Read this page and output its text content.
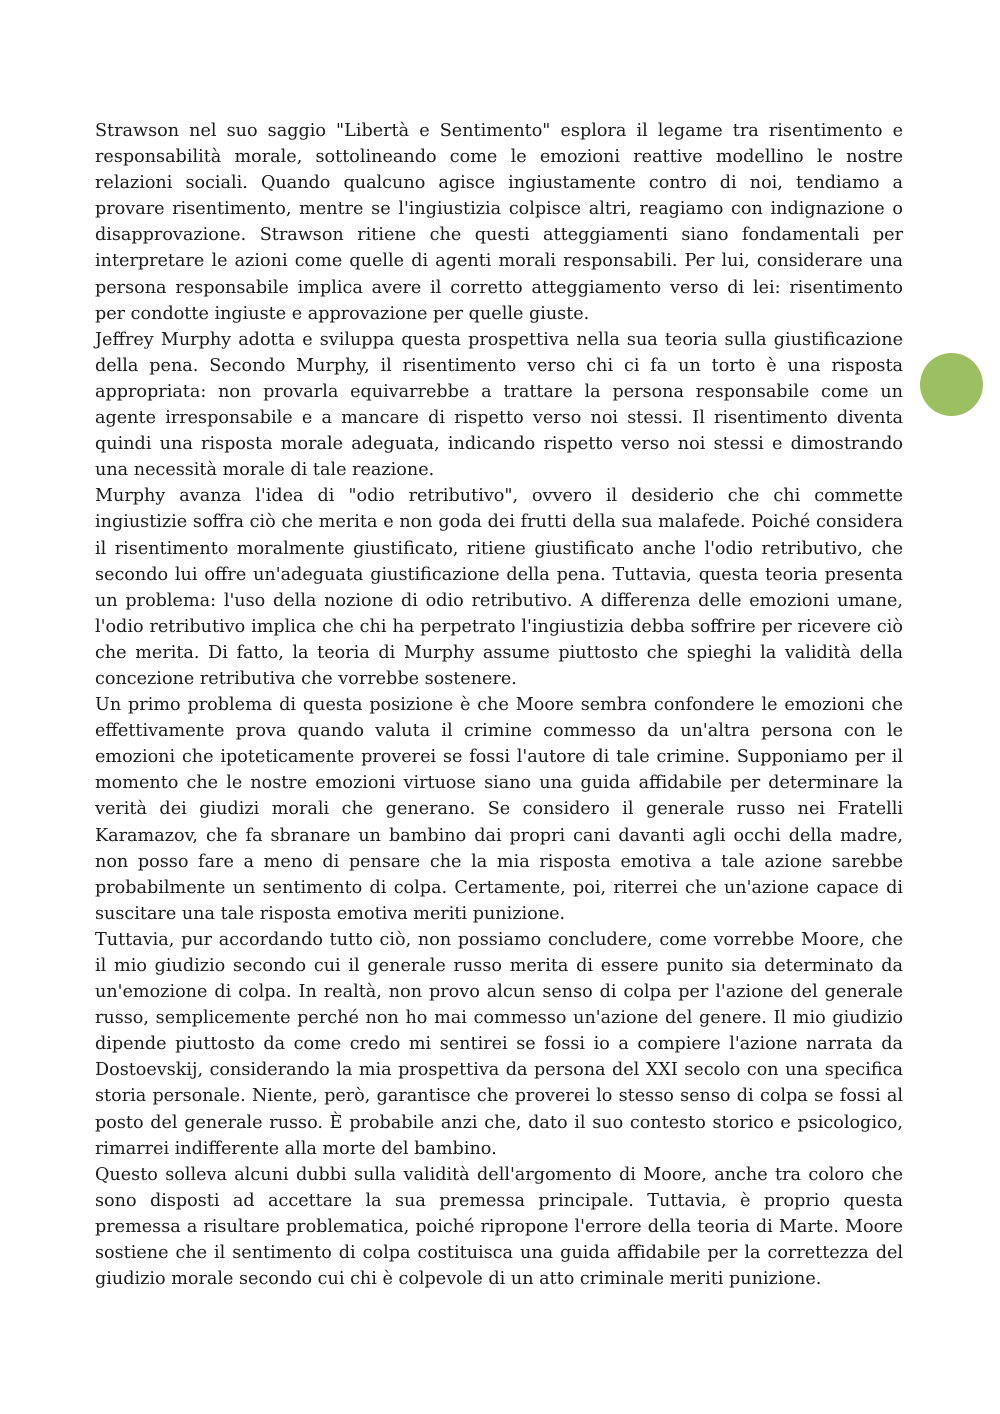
Strawson nel suo saggio "Libertà e Sentimento" esplora il legame tra risentimento e responsabilità morale, sottolineando come le emozioni reattive modellino le nostre relazioni sociali. Quando qualcuno agisce ingiustamente contro di noi, tendiamo a provare risentimento, mentre se l'ingiustizia colpisce altri, reagiamo con indignazione o disapprovazione. Strawson ritiene che questi atteggiamenti siano fondamentali per interpretare le azioni come quelle di agenti morali responsabili. Per lui, considerare una persona responsabile implica avere il corretto atteggiamento verso di lei: risentimento per condotte ingiuste e approvazione per quelle giuste.

Jeffrey Murphy adotta e sviluppa questa prospettiva nella sua teoria sulla giustificazione della pena. Secondo Murphy, il risentimento verso chi ci fa un torto è una risposta appropriata: non provarla equivarrebbe a trattare la persona responsabile come un agente irresponsabile e a mancare di rispetto verso noi stessi. Il risentimento diventa quindi una risposta morale adeguata, indicando rispetto verso noi stessi e dimostrando una necessità morale di tale reazione.

Murphy avanza l'idea di "odio retributivo", ovvero il desiderio che chi commette ingiustizie soffra ciò che merita e non goda dei frutti della sua malafede. Poiché considera il risentimento moralmente giustificato, ritiene giustificato anche l'odio retributivo, che secondo lui offre un'adeguata giustificazione della pena. Tuttavia, questa teoria presenta un problema: l'uso della nozione di odio retributivo. A differenza delle emozioni umane, l'odio retributivo implica che chi ha perpetrato l'ingiustizia debba soffrire per ricevere ciò che merita. Di fatto, la teoria di Murphy assume piuttosto che spieghi la validità della concezione retributiva che vorrebbe sostenere.

Un primo problema di questa posizione è che Moore sembra confondere le emozioni che effettivamente prova quando valuta il crimine commesso da un'altra persona con le emozioni che ipoteticamente proverei se fossi l'autore di tale crimine. Supponiamo per il momento che le nostre emozioni virtuose siano una guida affidabile per determinare la verità dei giudizi morali che generano. Se considero il generale russo nei Fratelli Karamazov, che fa sbranare un bambino dai propri cani davanti agli occhi della madre, non posso fare a meno di pensare che la mia risposta emotiva a tale azione sarebbe probabilmente un sentimento di colpa. Certamente, poi, riterrei che un'azione capace di suscitare una tale risposta emotiva meriti punizione.

Tuttavia, pur accordando tutto ciò, non possiamo concludere, come vorrebbe Moore, che il mio giudizio secondo cui il generale russo merita di essere punito sia determinato da un'emozione di colpa. In realtà, non provo alcun senso di colpa per l'azione del generale russo, semplicemente perché non ho mai commesso un'azione del genere. Il mio giudizio dipende piuttosto da come credo mi sentirei se fossi io a compiere l'azione narrata da Dostoevskij, considerando la mia prospettiva da persona del XXI secolo con una specifica storia personale. Niente, però, garantisce che proverei lo stesso senso di colpa se fossi al posto del generale russo. È probabile anzi che, dato il suo contesto storico e psicologico, rimarrei indifferente alla morte del bambino.

Questo solleva alcuni dubbi sulla validità dell'argomento di Moore, anche tra coloro che sono disposti ad accettare la sua premessa principale. Tuttavia, è proprio questa premessa a risultare problematica, poiché ripropone l'errore della teoria di Marte. Moore sostiene che il sentimento di colpa costituisca una guida affidabile per la correttezza del giudizio morale secondo cui chi è colpevole di un atto criminale meriti punizione.
